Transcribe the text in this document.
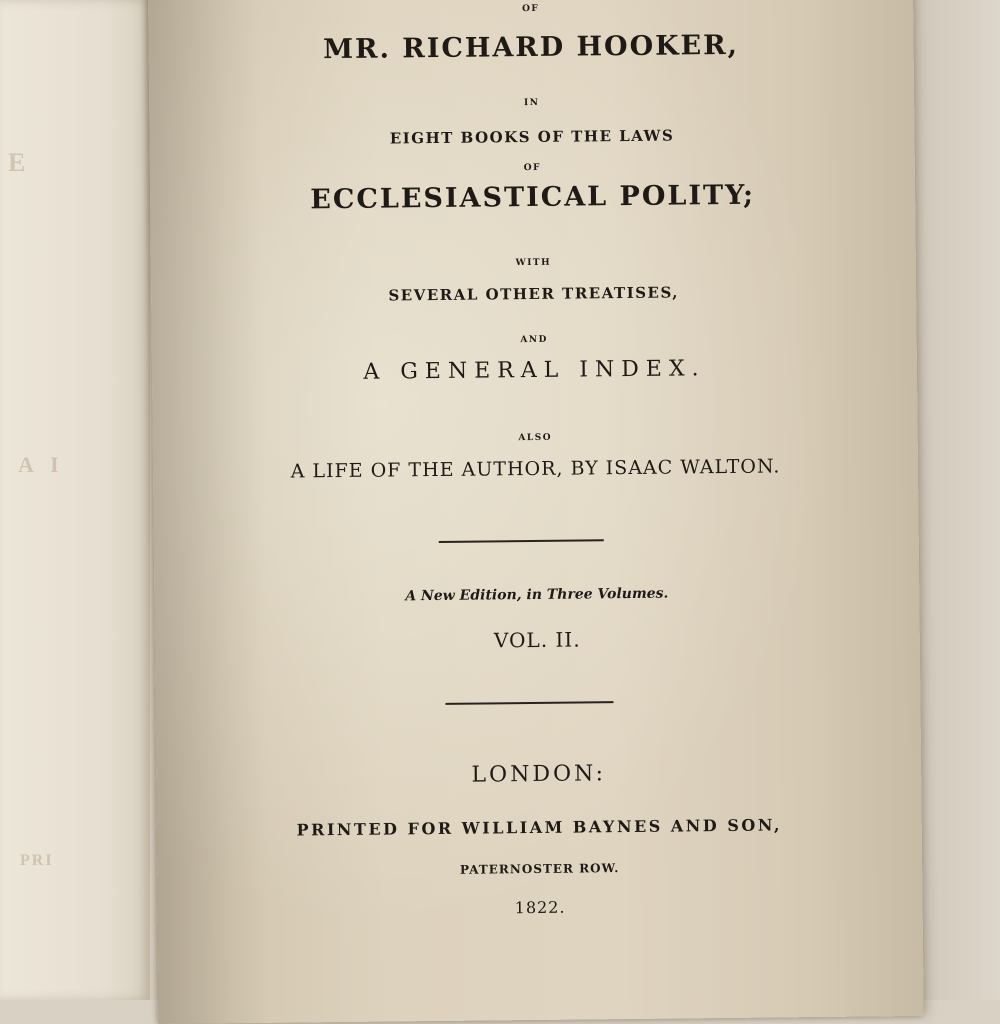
E
A I
PRI
OF
MR. RICHARD HOOKER,
IN
EIGHT BOOKS OF THE LAWS
OF
ECCLESIASTICAL POLITY;
WITH
SEVERAL OTHER TREATISES,
AND
A GENERAL INDEX.
ALSO
A LIFE OF THE AUTHOR, BY ISAAC WALTON.
A New Edition, in Three Volumes.
VOL. II.
LONDON:
PRINTED FOR WILLIAM BAYNES AND SON,
PATERNOSTER ROW.
1822.
